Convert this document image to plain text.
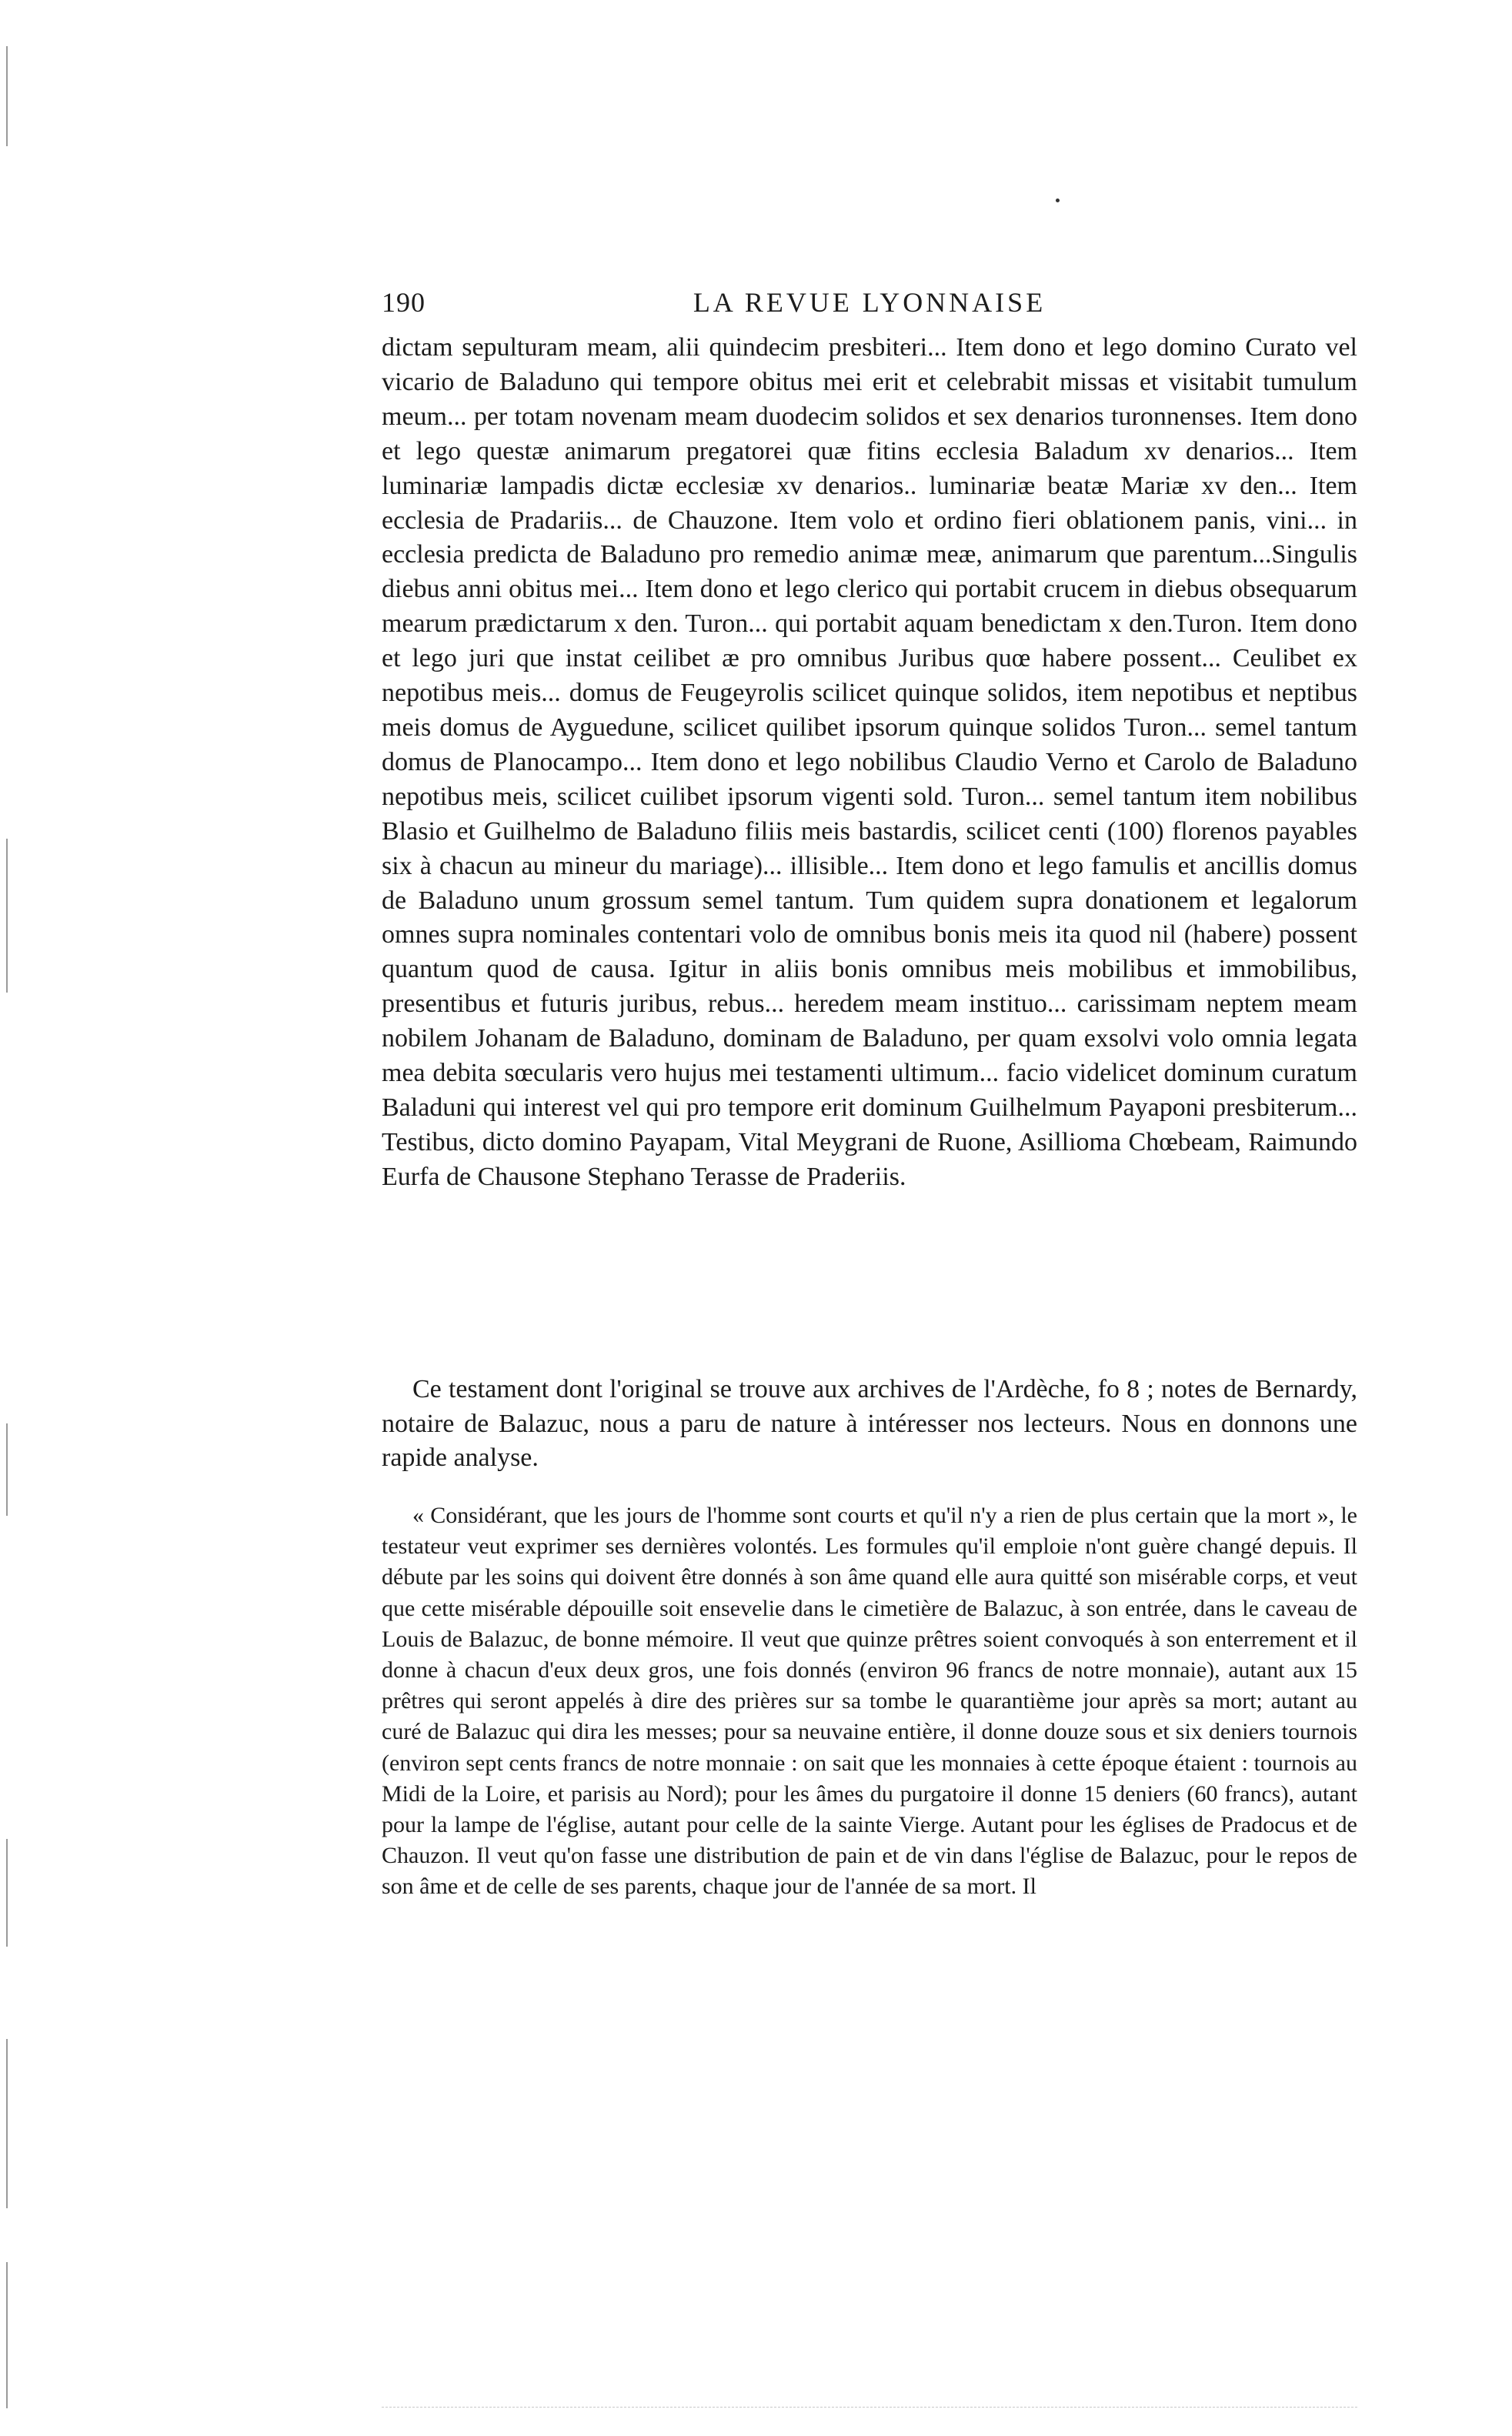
190	LA REVUE LYONNAISE

dictam sepulturam meam, alii quindecim presbiteri... Item dono et lego domino Curato vel vicario de Baladuno qui tempore obitus mei erit et celebrabit missas et visitabit tumulum meum... per totam novenam meam duodecim solidos et sex denarios turonnenses. Item dono et lego questæ animarum pregatorei quæ fitins ecclesia Baladum xv denarios... Item luminariæ lampadis dictæ ecclesiæ xv denarios.. luminariæ beatæ Mariæ xv den... Item ecclesia de Pradariis... de Chauzone. Item volo et ordino fieri oblationem panis, vini... in ecclesia predicta de Baladuno pro remedio animæ meæ, animarum que parentum...Singulis diebus anni obitus mei... Item dono et lego clerico qui portabit crucem in diebus obsequarum mearum prædictarum x den. Turon... qui portabit aquam benedictam x den.Turon. Item dono et lego juri que instat ceilibet æ pro omnibus Juribus quœ habere possent... Ceulibet ex nepotibus meis... domus de Feugeyrolis scilicet quinque solidos, item nepotibus et neptibus meis domus de Ayguedune, scilicet quilibet ipsorum quinque solidos Turon... semel tantum domus de Planocampo... Item dono et lego nobilibus Claudio Verno et Carolo de Baladuno nepotibus meis, scilicet cuilibet ipsorum vigenti sold. Turon... semel tantum item nobilibus Blasio et Guilhelmo de Baladuno filiis meis bastardis, scilicet centi (100) florenos payables six à chacun au mineur du mariage)... illisible... Item dono et lego famulis et ancillis domus de Baladuno unum grossum semel tantum. Tum quidem supra donationem et legalorum omnes supra nominales contentari volo de omnibus bonis meis ita quod nil (habere) possent quantum quod de causa. Igitur in aliis bonis omnibus meis mobilibus et immobilibus, presentibus et futuris juribus, rebus... heredem meam instituo... carissimam neptem meam nobilem Johanam de Baladuno, dominam de Baladuno, per quam exsolvi volo omnia legata mea debita sœcularis vero hujus mei testamenti ultimum... facio videlicet dominum curatum Baladuni qui interest vel qui pro tempore erit dominum Guilhelmum Payaponi presbiterum... Testibus, dicto domino Payapam, Vital Meygrani de Ruone, Asillioma Chœbeam, Raimundo Eurfa de Chausone Stephano Terasse de Praderiis.

Ce testament dont l'original se trouve aux archives de l'Ardèche, fo 8 ; notes de Bernardy, notaire de Balazuc, nous a paru de nature à intéresser nos lecteurs. Nous en donnons une rapide analyse.

« Considérant, que les jours de l'homme sont courts et qu'il n'y a rien de plus certain que la mort », le testateur veut exprimer ses dernières volontés. Les formules qu'il emploie n'ont guère changé depuis. Il débute par les soins qui doivent être donnés à son âme quand elle aura quitté son misérable corps, et veut que cette misérable dépouille soit ensevelie dans le cimetière de Balazuc, à son entrée, dans le caveau de Louis de Balazuc, de bonne mémoire. Il veut que quinze prêtres soient convoqués à son enterrement et il donne à chacun d'eux deux gros, une fois donnés (environ 96 francs de notre monnaie), autant aux 15 prêtres qui seront appelés à dire des prières sur sa tombe le quarantième jour après sa mort; autant au curé de Balazuc qui dira les messes; pour sa neuvaine entière, il donne douze sous et six deniers tournois (environ sept cents francs de notre monnaie : on sait que les monnaies à cette époque étaient : tournois au Midi de la Loire, et parisis au Nord); pour les âmes du purgatoire il donne 15 deniers (60 francs), autant pour la lampe de l'église, autant pour celle de la sainte Vierge. Autant pour les églises de Pradocus et de Chauzon. Il veut qu'on fasse une distribution de pain et de vin dans l'église de Balazuc, pour le repos de son âme et de celle de ses parents, chaque jour de l'année de sa mort. Il
